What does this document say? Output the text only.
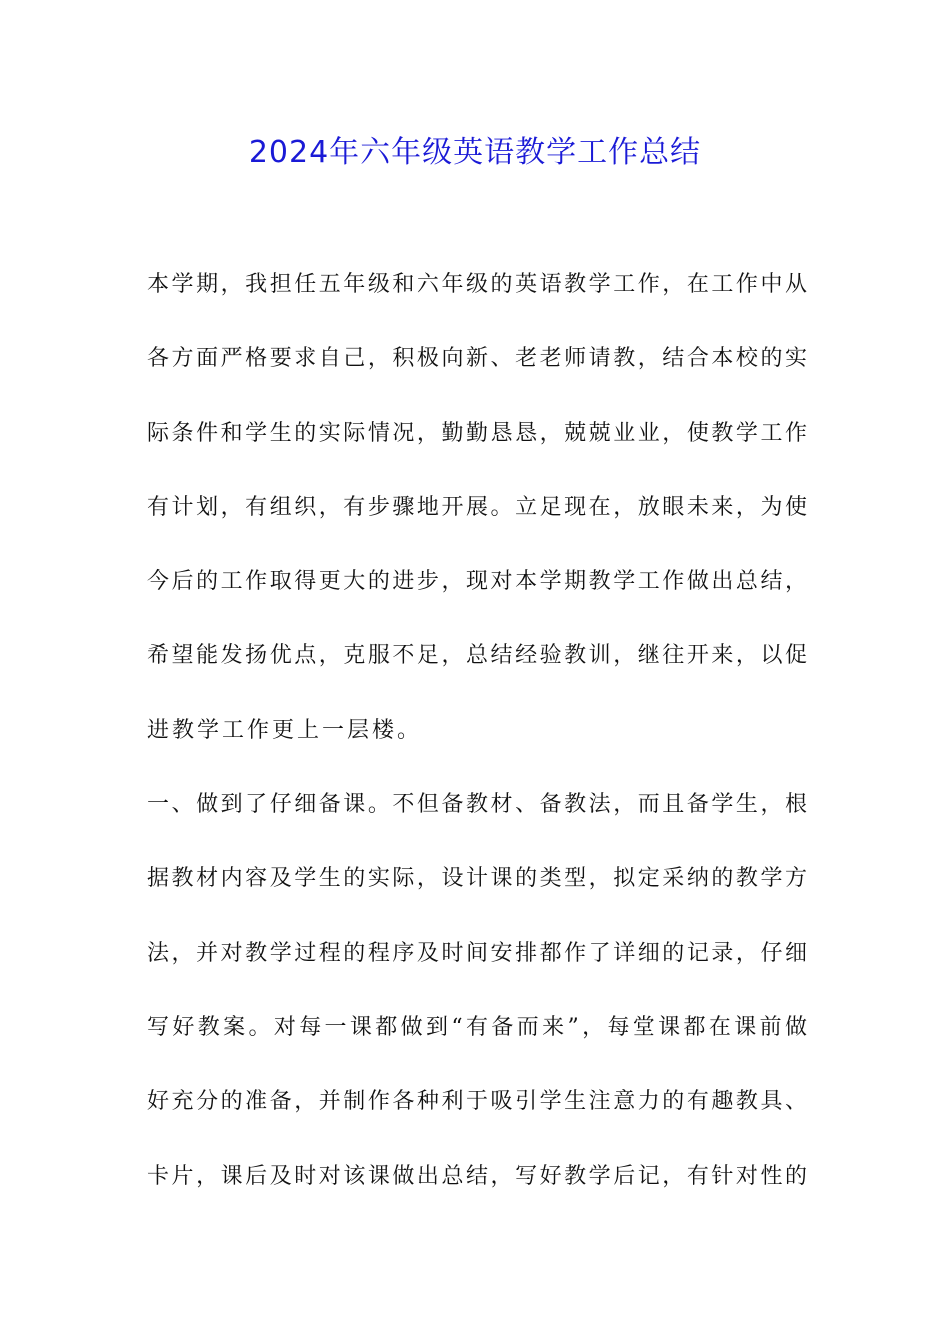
2024年六年级英语教学工作总结
本学期，我担任五年级和六年级的英语教学工作，在工作中从
各方面严格要求自己，积极向新、老老师请教，结合本校的实
际条件和学生的实际情况，勤勤恳恳，兢兢业业，使教学工作
有计划，有组织，有步骤地开展。立足现在，放眼未来，为使
今后的工作取得更大的进步，现对本学期教学工作做出总结，
希望能发扬优点，克服不足，总结经验教训，继往开来，以促
进教学工作更上一层楼。
一、做到了仔细备课。不但备教材、备教法，而且备学生，根
据教材内容及学生的实际，设计课的类型，拟定采纳的教学方
法，并对教学过程的程序及时间安排都作了详细的记录，仔细
写好教案。对每一课都做到“有备而来”，每堂课都在课前做
好充分的准备，并制作各种利于吸引学生注意力的有趣教具、
卡片，课后及时对该课做出总结，写好教学后记，有针对性的
